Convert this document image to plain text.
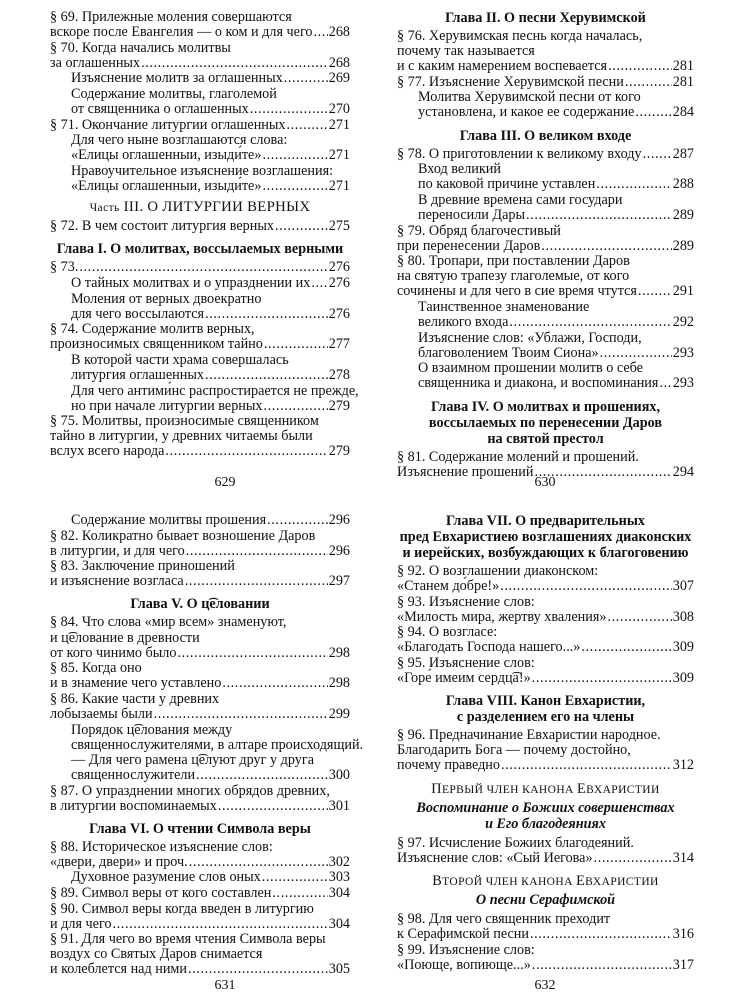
§ 69. Прилежные моления совершаются
вскоре после Евангелия — о ком и для чего ..... 268
§ 70. Когда начались молитвы
за оглашенных .....	268
Изъяснение молитв за оглашенных .....	269
Содержание молитвы, глаголемой
от священника о оглашенных .....	270
§ 71. Окончание литургии оглашенных .....	271
Для чего ныне возглашаются слова:
«Елицы оглашенныи, изыди́те» .....	271
Нравоучительное изъяснение возглашения:
«Елицы оглашенныи, изыди́те» .....	271
Часть III. О ЛИТУРГИИ ВЕРНЫХ
§ 72. В чем состоит литургия верных .....	275
Глава I. О молитвах, воссылаемых верными
§ 73. .....	276
О тайных молитвах и о упразднении их ..... 276
Моления от верных двоекратно
для чего воссылаются .....	276
§ 74. Содержание молитв верных,
произносимых священником тайно .....	277
В которой части храма совершалась
литургия оглашенных .....	278
Для чего антими́нс распростирается не прежде,
но при начале литургии верных .....	279
§ 75. Молитвы, произносимые священником
тайно в литургии, у древних читаемы были
вслух всего народа .....	279
Глава II. О песни Херувимской
§ 76. Херувимская песнь когда началась,
почему так называется
и с каким намерением воспевается .....	281
§ 77. Изъяснение Херувимской песни .....	281
Молитва Херувимской песни от кого
установлена, и какое ее содержание .....	284
Глава III. О великом входе
§ 78. О приготовлении к великому входу ..... 287
Вход великий
по каковой причине уставлен .....	288
В древние времена сами государи
переносили Дары .....	289
§ 79. Обряд благочестивый
при перенесении Даров .....	289
§ 80. Тропари, при поставлении Даров
на святую трапезу глаголемые, от кого
сочинены и для чего в сие время чтутся .....	291
Таинственное знаменование
великого входа .....	292
Изъяснение слов: «Ублажи, Господи,
благоволением Твоим Сиона» .....	293
О взаимном прошении молитв о себе
священника и диакона, и воспоминания ..... 293
Глава IV. О молитвах и прошениях,
воссылаемых по перенесении Даров
на святой престол
§ 81. Содержание молений и прошений.
Изъяснение прошений .....	294
Содержание молитвы прошения .....	296
§ 82. Коликратно бывает возношение Даров
в литургии, и для чего .....	296
§ 83. Заключение приношений
и изъяснение возгласа .....	297
Глава V. О ц͡еловании
§ 84. Что слова «мир всем» знаменуют,
и ц͡елование в древности
от кого чинимо было .....	298
§ 85. Когда оно
и в знамение чего уставлено .....	298
§ 86. Какие части у древних
лобызаемы были .....	299
Порядок ц͡елования между
священнослужителями, в алтаре происходящий.
— Для чего рамена ц͡елуют друг у друга
священнослужители .....	300
§ 87. О упразднении многих обрядов древних,
в литургии воспоминаемых .....	301
Глава VI. О чтении Символа веры
§ 88. Историческое изъяснение слов:
«двери, двери» и проч. .....	302
Духовное разумение слов оных .....	303
§ 89. Символ веры от кого составлен .....	304
§ 90. Символ веры когда введен в литургию
и для чего .....	304
§ 91. Для чего во время чтения Символа веры
возду́х со Святых Даров снимается
и колеблется над ними .....	305
Глава VII. О предварительных
пред Евхаристиею возглашениях диаконских
и иерейских, возбуждающих к благоговению
§ 92. О возглашении диаконском:
«Станем до́бре!» .....	307
§ 93. Изъяснение слов:
«Милость мира, жертву хваления» .....	308
§ 94. О возгласе:
«Благодать Господа нашего...» .....	309
§ 95. Изъяснение слов:
«Горе́ имеим сердц͡а!» .....	309
Глава VIII. Канон Евхаристии,
с разделением его на члены
§ 96. Предначинание Евхаристии народное.
Благодарить Бога — почему достойно,
почему праведно .....	312
ПЕРВЫЙ ЧЛЕН КАНОНА ЕВХАРИСТИИ
Воспоминание о Божиих совершенствах
и Его благодеяниях
§ 97. Исчисление Божиих благодеяний.
Изъяснение слов: «Сый Иегова» .....	314
ВТОРОЙ ЧЛЕН КАНОНА ЕВХАРИСТИИ
О песни Серафимской
§ 98. Для чего священник преходит
к Серафимской песни .....	316
§ 99. Изъяснение слов:
«Поюще, вопиюще...» .....	317
629	630
631	632
